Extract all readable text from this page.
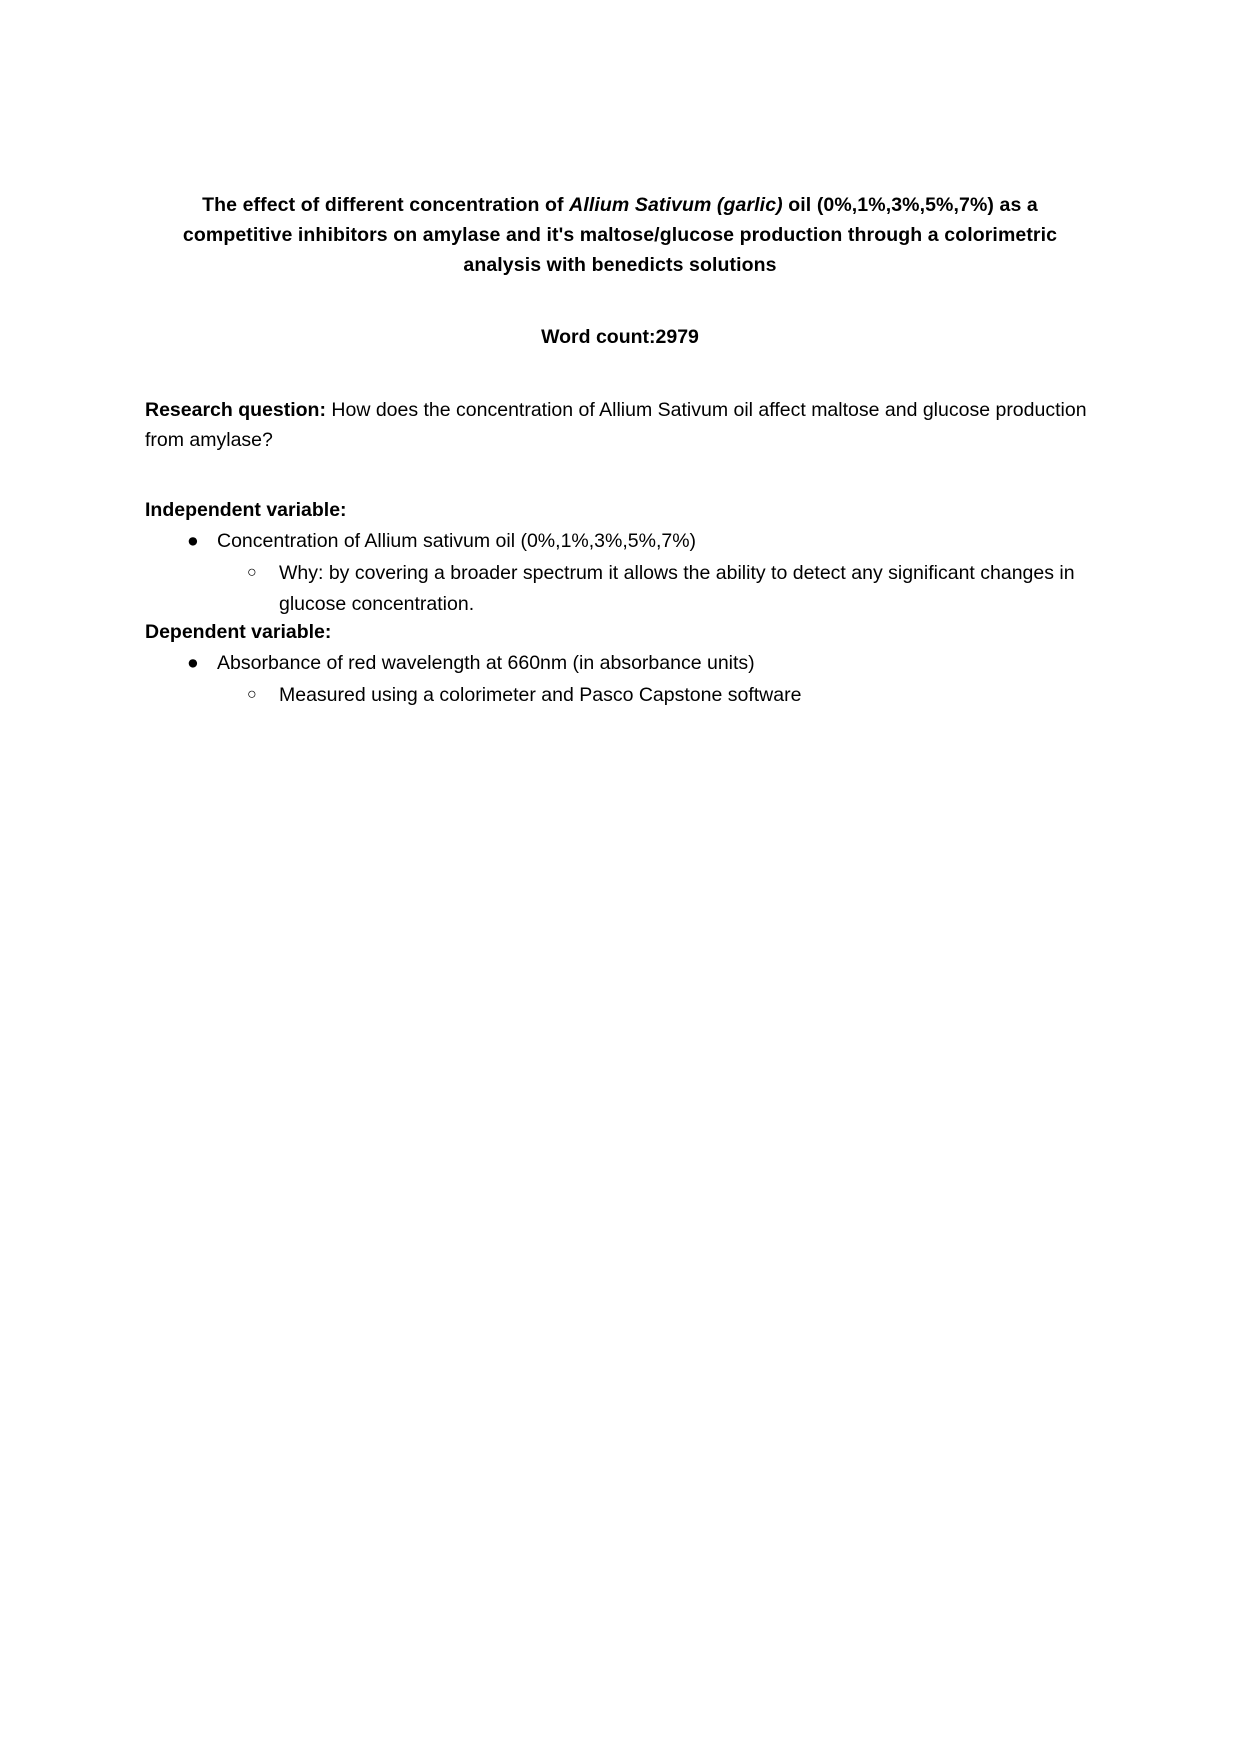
The effect of different concentration of Allium Sativum (garlic) oil (0%,1%,3%,5%,7%) as a competitive inhibitors on amylase and it's maltose/glucose production through a colorimetric analysis with benedicts solutions

Word count:2979

Research question: How does the concentration of Allium Sativum oil affect maltose and glucose production from amylase?

Independent variable:

● Concentration of Allium sativum oil (0%,1%,3%,5%,7%)
○ Why: by covering a broader spectrum it allows the ability to detect any significant changes in glucose concentration.

Dependent variable:

● Absorbance of red wavelength at 660nm (in absorbance units)
○ Measured using a colorimeter and Pasco Capstone software
